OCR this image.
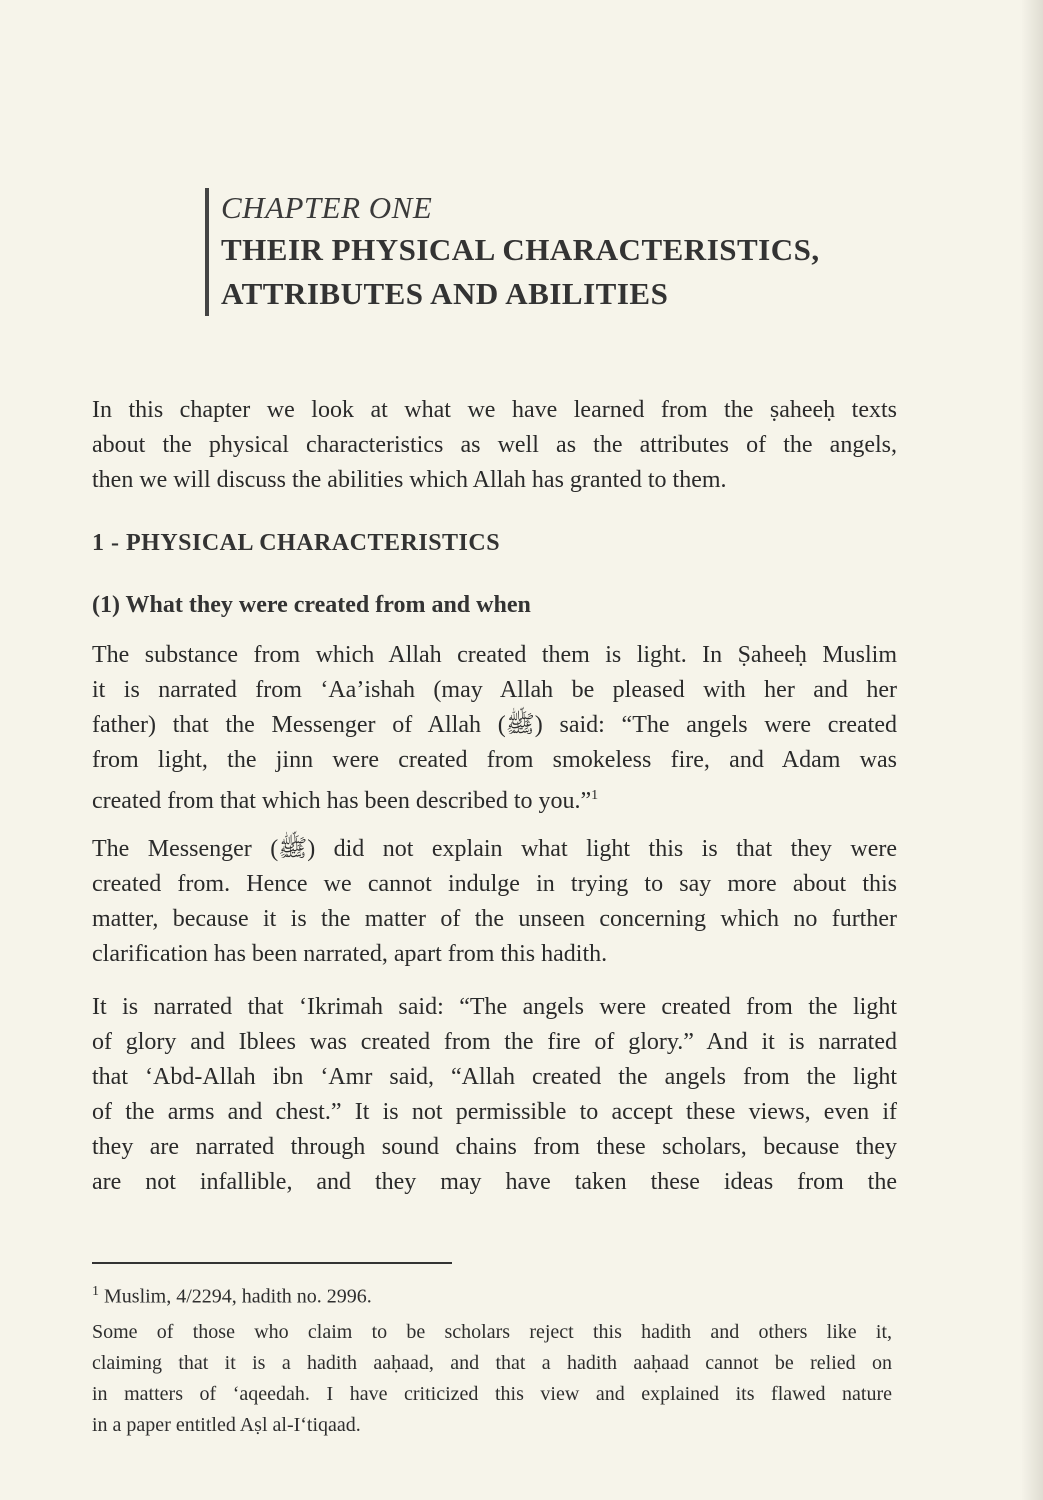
CHAPTER ONE
THEIR PHYSICAL CHARACTERISTICS,
ATTRIBUTES AND ABILITIES
In this chapter we look at what we have learned from the ṣaheeḥ texts
about the physical characteristics as well as the attributes of the angels,
then we will discuss the abilities which Allah has granted to them.
1 - PHYSICAL CHARACTERISTICS
(1) What they were created from and when
The substance from which Allah created them is light. In Ṣaheeḥ Muslim
it is narrated from ‘Aa’ishah (may Allah be pleased with her and her
father) that the Messenger of Allah (ﷺ) said: “The angels were created
from light, the jinn were created from smokeless fire, and Adam was
created from that which has been described to you.”$^1$
The Messenger (ﷺ) did not explain what light this is that they were
created from. Hence we cannot indulge in trying to say more about this
matter, because it is the matter of the unseen concerning which no further
clarification has been narrated, apart from this hadith.
It is narrated that ‘Ikrimah said: “The angels were created from the light
of glory and Iblees was created from the fire of glory.” And it is narrated
that ‘Abd-Allah ibn ‘Amr said, “Allah created the angels from the light
of the arms and chest.” It is not permissible to accept these views, even if
they are narrated through sound chains from these scholars, because they
are not infallible, and they may have taken these ideas from the
$^1$ Muslim, 4/2294, hadith no. 2996.
Some of those who claim to be scholars reject this hadith and others like it,
claiming that it is a hadith aaḥaad, and that a hadith aaḥaad cannot be relied on
in matters of ‘aqeedah. I have criticized this view and explained its flawed nature
in a paper entitled Aṣl al-I‘tiqaad.
